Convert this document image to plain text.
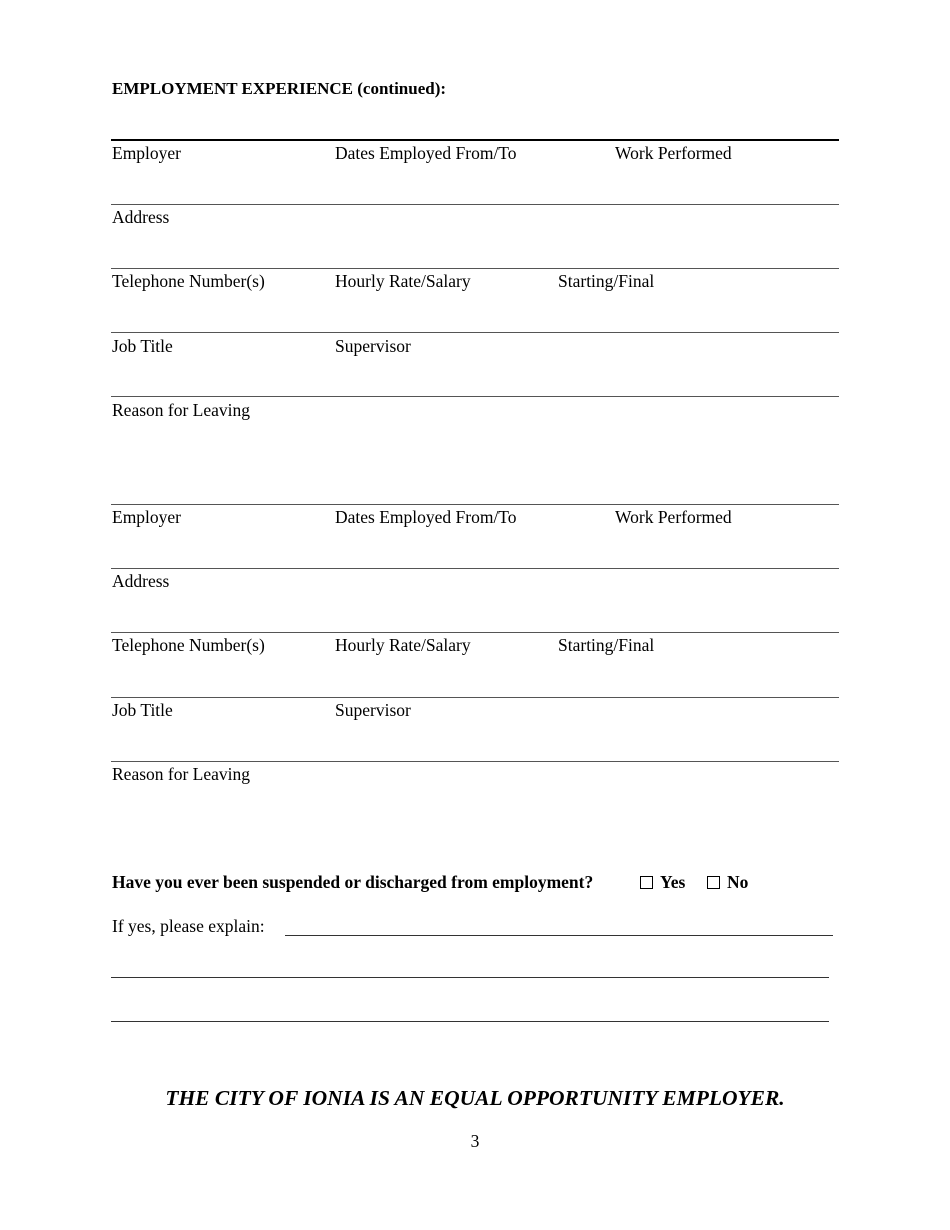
EMPLOYMENT EXPERIENCE (continued):
Employer	Dates Employed From/To	Work Performed
Address
Telephone Number(s)	Hourly Rate/Salary	Starting/Final
Job Title	Supervisor
Reason for Leaving
Employer	Dates Employed From/To	Work Performed
Address
Telephone Number(s)	Hourly Rate/Salary	Starting/Final
Job Title	Supervisor
Reason for Leaving
Have you ever been suspended or discharged from employment?	Yes No
If yes, please explain:
THE CITY OF IONIA IS AN EQUAL OPPORTUNITY EMPLOYER.
3
